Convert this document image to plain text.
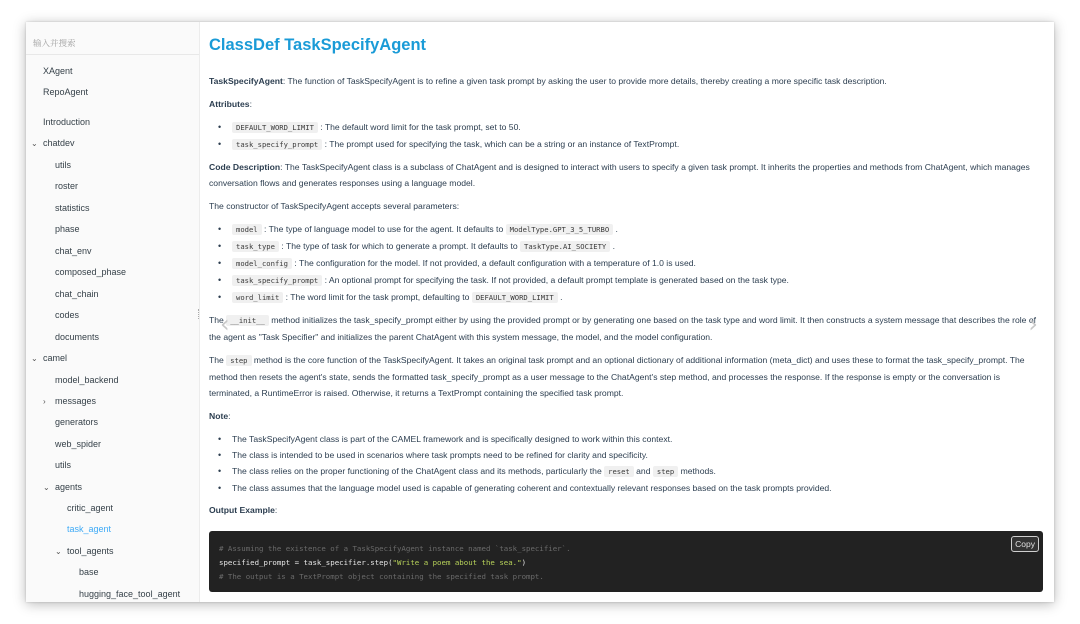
输入并搜索
XAgent
RepoAgent
Introduction
⌄ chatdev
utils
roster
statistics
phase
chat_env
composed_phase
chat_chain
codes
documents
⌄ camel
model_backend
› messages
generators
web_spider
utils
⌄ agents
critic_agent
task_agent
⌄ tool_agents
base
hugging_face_tool_agent
ClassDef TaskSpecifyAgent

TaskSpecifyAgent: The function of TaskSpecifyAgent is to refine a given task prompt by asking the user to provide more details, thereby creating a more specific task description.

Attributes:

• DEFAULT_WORD_LIMIT : The default word limit for the task prompt, set to 50.
• task_specify_prompt : The prompt used for specifying the task, which can be a string or an instance of TextPrompt.

Code Description: The TaskSpecifyAgent class is a subclass of ChatAgent and is designed to interact with users to specify a given task prompt. It inherits the properties and methods from ChatAgent, which manages conversation flows and generates responses using a language model.

The constructor of TaskSpecifyAgent accepts several parameters:

• model : The type of language model to use for the agent. It defaults to ModelType.GPT_3_5_TURBO .
• task_type : The type of task for which to generate a prompt. It defaults to TaskType.AI_SOCIETY .
• model_config : The configuration for the model. If not provided, a default configuration with a temperature of 1.0 is used.
• task_specify_prompt : An optional prompt for specifying the task. If not provided, a default prompt template is generated based on the task type.
• word_limit : The word limit for the task prompt, defaulting to DEFAULT_WORD_LIMIT .

The __init__ method initializes the task_specify_prompt either by using the provided prompt or by generating one based on the task type and word limit. It then constructs a system message that describes the role of the agent as "Task Specifier" and initializes the parent ChatAgent with this system message, the model, and the model configuration.

The step method is the core function of the TaskSpecifyAgent. It takes an original task prompt and an optional dictionary of additional information (meta_dict) and uses these to format the task_specify_prompt. The method then resets the agent's state, sends the formatted task_specify_prompt as a user message to the ChatAgent's step method, and processes the response. If the response is empty or the conversation is terminated, a RuntimeError is raised. Otherwise, it returns a TextPrompt containing the specified task prompt.

Note:

• The TaskSpecifyAgent class is part of the CAMEL framework and is specifically designed to work within this context.
• The class is intended to be used in scenarios where task prompts need to be refined for clarity and specificity.
• The class relies on the proper functioning of the ChatAgent class and its methods, particularly the reset and step methods.
• The class assumes that the language model used is capable of generating coherent and contextually relevant responses based on the task prompts provided.

Output Example:

# Assuming the existence of a TaskSpecifyAgent instance named `task_specifier`.
specified_prompt = task_specifier.step("Write a poem about the sea.")
# The output is a TextPrompt object containing the specified task prompt.
Copy
‹	›
